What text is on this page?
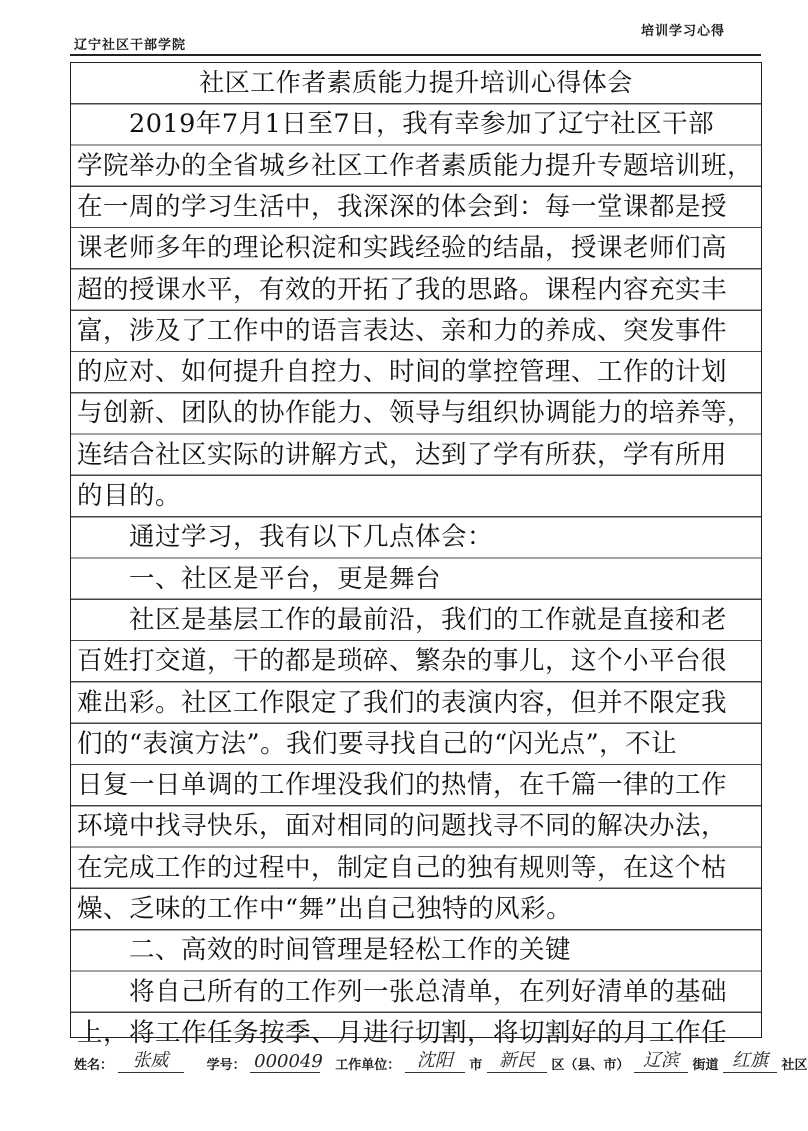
辽宁社区干部学院
培训学习心得
社区工作者素质能力提升培训心得体会
　　2019年7月1日至7日，我有幸参加了辽宁社区干部
学院举办的全省城乡社区工作者素质能力提升专题培训班，
在一周的学习生活中，我深深的体会到：每一堂课都是授
课老师多年的理论积淀和实践经验的结晶，授课老师们高
超的授课水平，有效的开拓了我的思路。课程内容充实丰
富，涉及了工作中的语言表达、亲和力的养成、突发事件
的应对、如何提升自控力、时间的掌控管理、工作的计划
与创新、团队的协作能力、领导与组织协调能力的培养等，
连结合社区实际的讲解方式，达到了学有所获，学有所用
的目的。
　　通过学习，我有以下几点体会：
　　一、社区是平台，更是舞台
　　社区是基层工作的最前沿，我们的工作就是直接和老
百姓打交道，干的都是琐碎、繁杂的事儿，这个小平台很
难出彩。社区工作限定了我们的表演内容，但并不限定我
们的“表演方法”。我们要寻找自己的“闪光点”，不让
日复一日单调的工作埋没我们的热情，在千篇一律的工作
环境中找寻快乐，面对相同的问题找寻不同的解决办法，
在完成工作的过程中，制定自己的独有规则等，在这个枯
燥、乏味的工作中“舞”出自己独特的风彩。
　　二、高效的时间管理是轻松工作的关键
　　将自己所有的工作列一张总清单，在列好清单的基础
上，将工作任务按季、月进行切割，将切割好的月工作任
姓名： 张威	学号： 000049 工作单位： 沈阳 市 新民 区（县、市） 辽滨 街道 红旗 社区
